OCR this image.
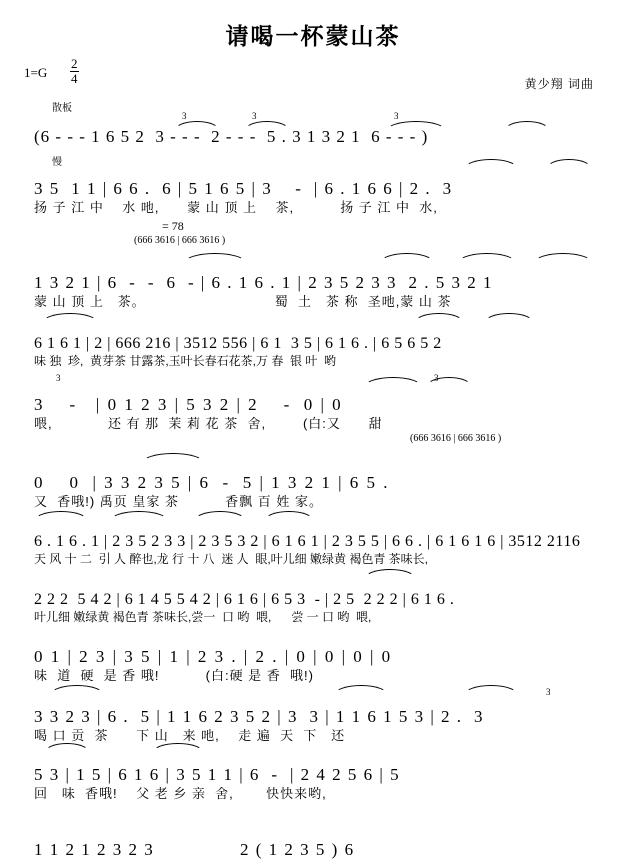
请喝一杯蒙山茶
$1=G \frac{2}{4}$	黄少翔 词曲
散板
3	3	3
(6 - - - 1 6 5 2  3 - - -  2 - - -  5 . 3 1 3 2 1  6 - - - )
慢
3 5  1 1 | 6 6 .  6 | 5 1 6 5 | 3    -  | 6 . 1 6 6 | 2 .  3
扬 子 江 中    水 吔,      蒙 山 顶 上    茶,          扬 子 江 中  水,
= 78
(666 3616 | 666 3616 )
1 3 2 1 | 6  -  -  6  - | 6 . 1 6 . 1 | 2 3 5 2 3 3  2 . 5 3 2 1
蒙 山 顶 上   茶。                            蜀  土   茶 称  圣吔,蒙 山 茶
6 1 6 1 | 2 | 666 216 | 3512 556 | 6 1  3 5 | 6 1 6 . | 6 5 6 5 2
味 独  珍,  黄芽茶 甘露茶,玉叶长春石花茶,万 春  银 叶  哟
3	3
3    -   | 0 1 2 3 | 5 3 2 | 2    -  0 | 0
喂,            还 有 那  茉 莉 花 茶  舍,        (白:又      甜
(666 3616 | 666 3616 )
0    0  | 3 3 2 3 5 | 6  -  5 | 1 3 2 1 | 6 5 .
又  香哦!) 禹页 皇家 茶          香飘 百 姓 家。
6 . 1 6 . 1 | 2 3 5 2 3 3 | 2 3 5 3 2 | 6 1 6 1 | 2 3 5 5 | 6 6 . | 6 1 6 1 6 | 3512 2116
天 风 十 二  引 人 醉也,龙 行 十 八  迷 人  眼,叶儿细 嫩绿黄 褐色青 茶味长,
2 2 2  5 4 2 | 6 1 4 5 5 4 2 | 6 1 6 | 6 5 3  - | 2 5  2 2 2 | 6 1 6 .
叶儿细 嫩绿黄 褐色青 茶味长,尝一  口 哟  喂,      尝 一 口 哟  喂,
0 1 | 2 3 | 3 5 | 1 | 2 3 . | 2 . | 0 | 0 | 0 | 0
味  道  硬  是 香 哦!          (白:硬 是 香  哦!)
3
3 3 2 3 | 6 .  5 | 1 1 6 2 3 5 2 | 3  3 | 1 1 6 1 5 3 | 2 .  3
喝 口 贡  茶      下 山   来 吔,    走 遍  天  下   还
5 3 | 1 5 | 6 1 6 | 3 5 1 1 | 6  -  | 2 4 2 5 6 | 5
回   味  香哦!    父 老 乡 亲  舍,       快快来哟,
1 1 2 1 2 3 2 3	2 ( 1 2 3 5 ) 6
